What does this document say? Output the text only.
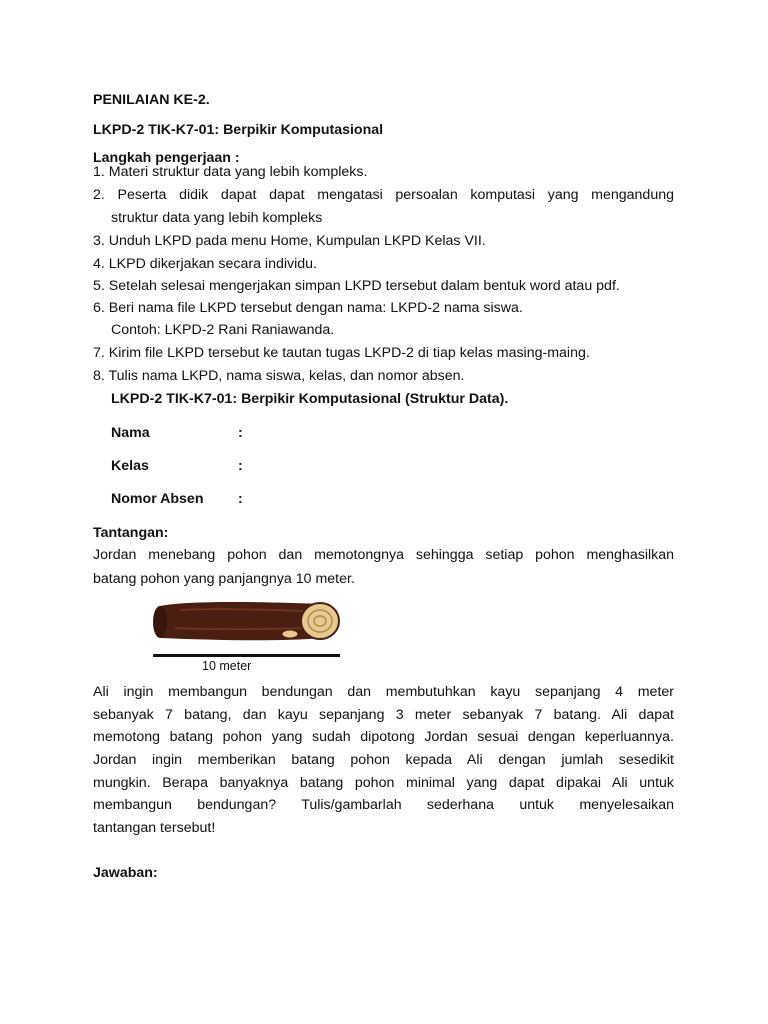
PENILAIAN KE-2.
LKPD-2 TIK-K7-01: Berpikir Komputasional
Langkah pengerjaan :
1. Materi struktur data yang lebih kompleks.
2. Peserta didik dapat dapat mengatasi persoalan komputasi yang mengandung
struktur data yang lebih kompleks
3. Unduh LKPD pada menu Home, Kumpulan LKPD Kelas VII.
4. LKPD dikerjakan secara individu.
5. Setelah selesai mengerjakan simpan LKPD tersebut dalam bentuk word atau pdf.
6. Beri nama file LKPD tersebut dengan nama: LKPD-2 nama siswa.
Contoh: LKPD-2 Rani Raniawanda.
7. Kirim file LKPD tersebut ke tautan tugas LKPD-2 di tiap kelas masing-maing.
8. Tulis nama LKPD, nama siswa, kelas, dan nomor absen.
LKPD-2 TIK-K7-01: Berpikir Komputasional (Struktur Data).
Nama	:
Kelas	:
Nomor Absen :
Tantangan:
Jordan menebang pohon dan memotongnya sehingga setiap pohon menghasilkan
batang pohon yang panjangnya 10 meter.
10 meter
Ali ingin membangun bendungan dan membutuhkan kayu sepanjang 4 meter
sebanyak 7 batang, dan kayu sepanjang 3 meter sebanyak 7 batang. Ali dapat
memotong batang pohon yang sudah dipotong Jordan sesuai dengan keperluannya.
Jordan ingin memberikan batang pohon kepada Ali dengan jumlah sesedikit
mungkin. Berapa banyaknya batang pohon minimal yang dapat dipakai Ali untuk
membangun bendungan? Tulis/gambarlah sederhana untuk menyelesaikan
tantangan tersebut!
Jawaban:
